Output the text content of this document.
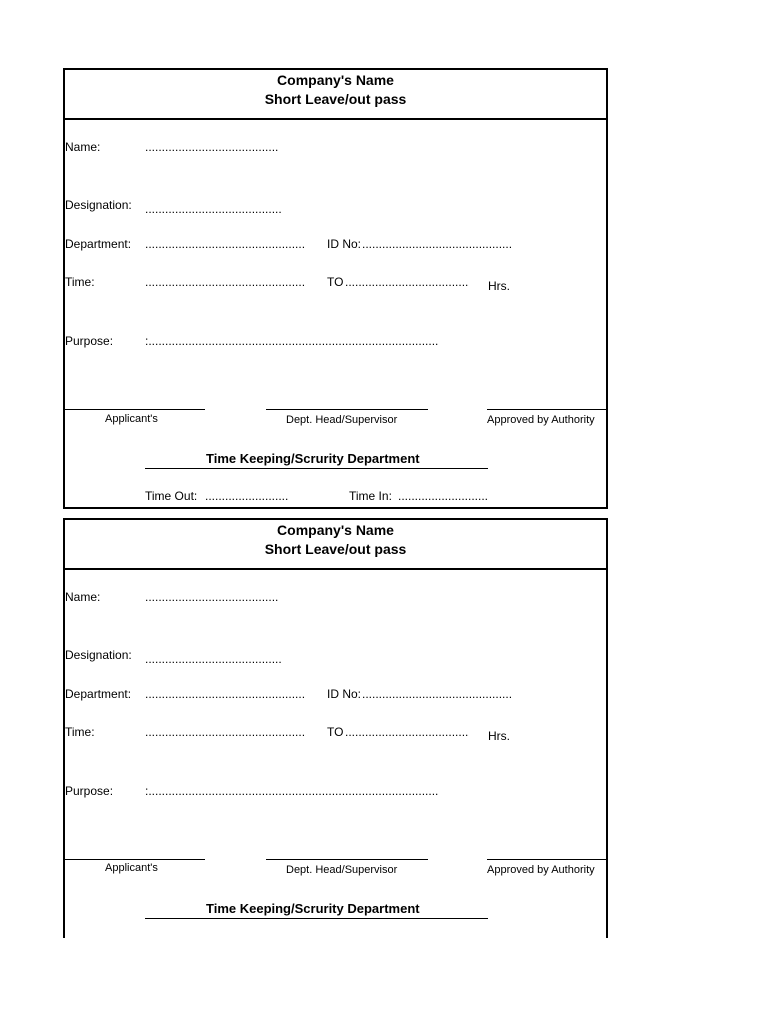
Company's Name
Short Leave/out pass
Name:	........................................
Designation: .........................................
Department: ................................................ ID No: .............................................
Time:	................................................ TO ..................................... Hrs.
Purpose:	:.......................................................................................
Applicant's	Dept. Head/Supervisor	Approved by Authority
Time Keeping/Scrurity Department
Time Out: .........................	Time In: ...........................
Company's Name
Short Leave/out pass
Name:	........................................
Designation: .........................................
Department: ................................................ ID No: .............................................
Time:	................................................ TO ..................................... Hrs.
Purpose:	:.......................................................................................
Applicant's	Dept. Head/Supervisor	Approved by Authority
Time Keeping/Scrurity Department
